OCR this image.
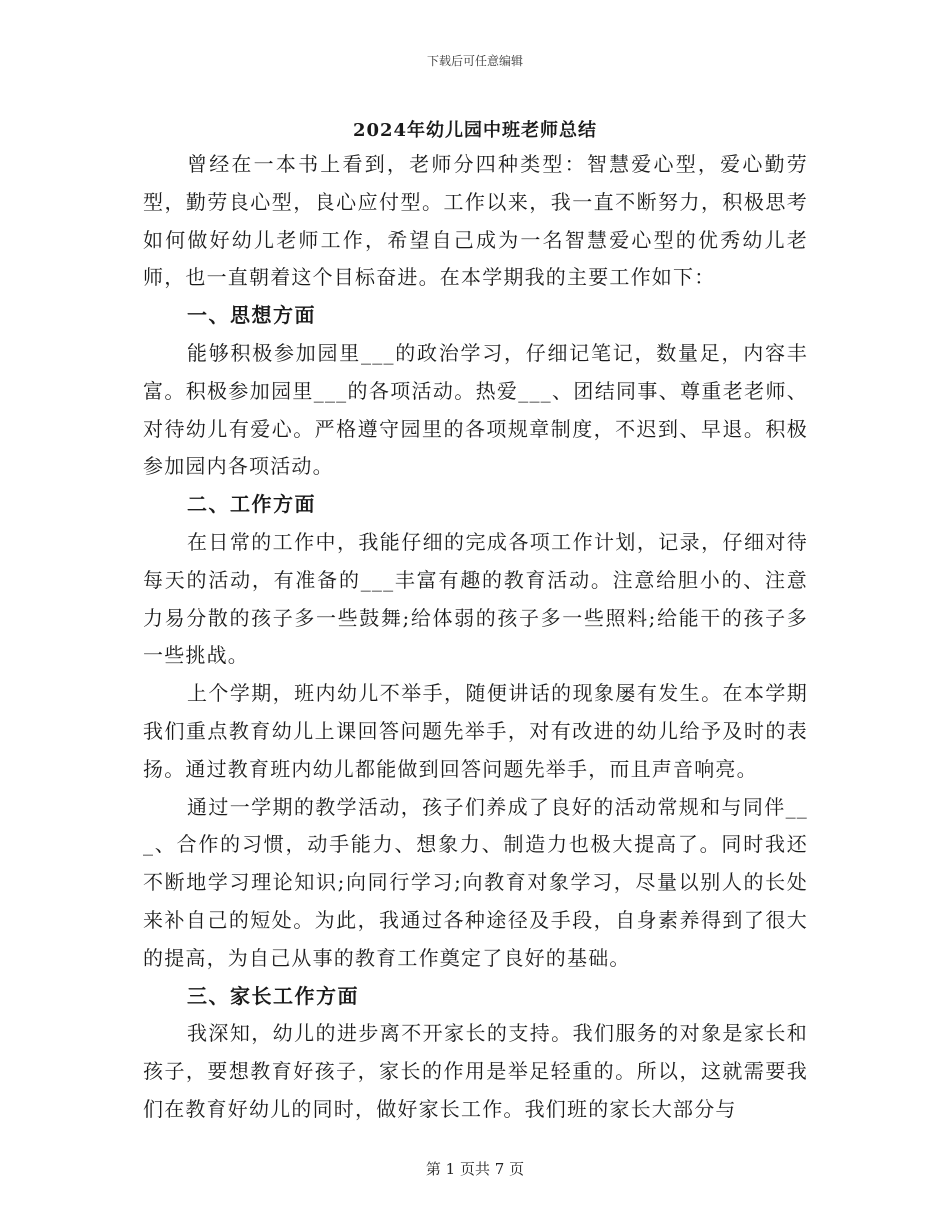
下载后可任意编辑
2024年幼儿园中班老师总结

曾经在一本书上看到，老师分四种类型：智慧爱心型，爱心勤劳型，勤劳良心型，良心应付型。工作以来，我一直不断努力，积极思考如何做好幼儿老师工作，希望自己成为一名智慧爱心型的优秀幼儿老师，也一直朝着这个目标奋进。在本学期我的主要工作如下：

一、思想方面

能够积极参加园里___的政治学习，仔细记笔记，数量足，内容丰富。积极参加园里___的各项活动。热爱___、团结同事、尊重老老师、对待幼儿有爱心。严格遵守园里的各项规章制度，不迟到、早退。积极参加园内各项活动。

二、工作方面

在日常的工作中，我能仔细的完成各项工作计划，记录，仔细对待每天的活动，有准备的___丰富有趣的教育活动。注意给胆小的、注意力易分散的孩子多一些鼓舞;给体弱的孩子多一些照料;给能干的孩子多一些挑战。

上个学期，班内幼儿不举手，随便讲话的现象屡有发生。在本学期我们重点教育幼儿上课回答问题先举手，对有改进的幼儿给予及时的表扬。通过教育班内幼儿都能做到回答问题先举手，而且声音响亮。

通过一学期的教学活动，孩子们养成了良好的活动常规和与同伴___、合作的习惯，动手能力、想象力、制造力也极大提高了。同时我还不断地学习理论知识;向同行学习;向教育对象学习，尽量以别人的长处来补自己的短处。为此，我通过各种途径及手段，自身素养得到了很大的提高，为自己从事的教育工作奠定了良好的基础。

三、家长工作方面

我深知，幼儿的进步离不开家长的支持。我们服务的对象是家长和孩子，要想教育好孩子，家长的作用是举足轻重的。所以，这就需要我们在教育好幼儿的同时，做好家长工作。我们班的家长大部分与

第 1 页共 7 页
